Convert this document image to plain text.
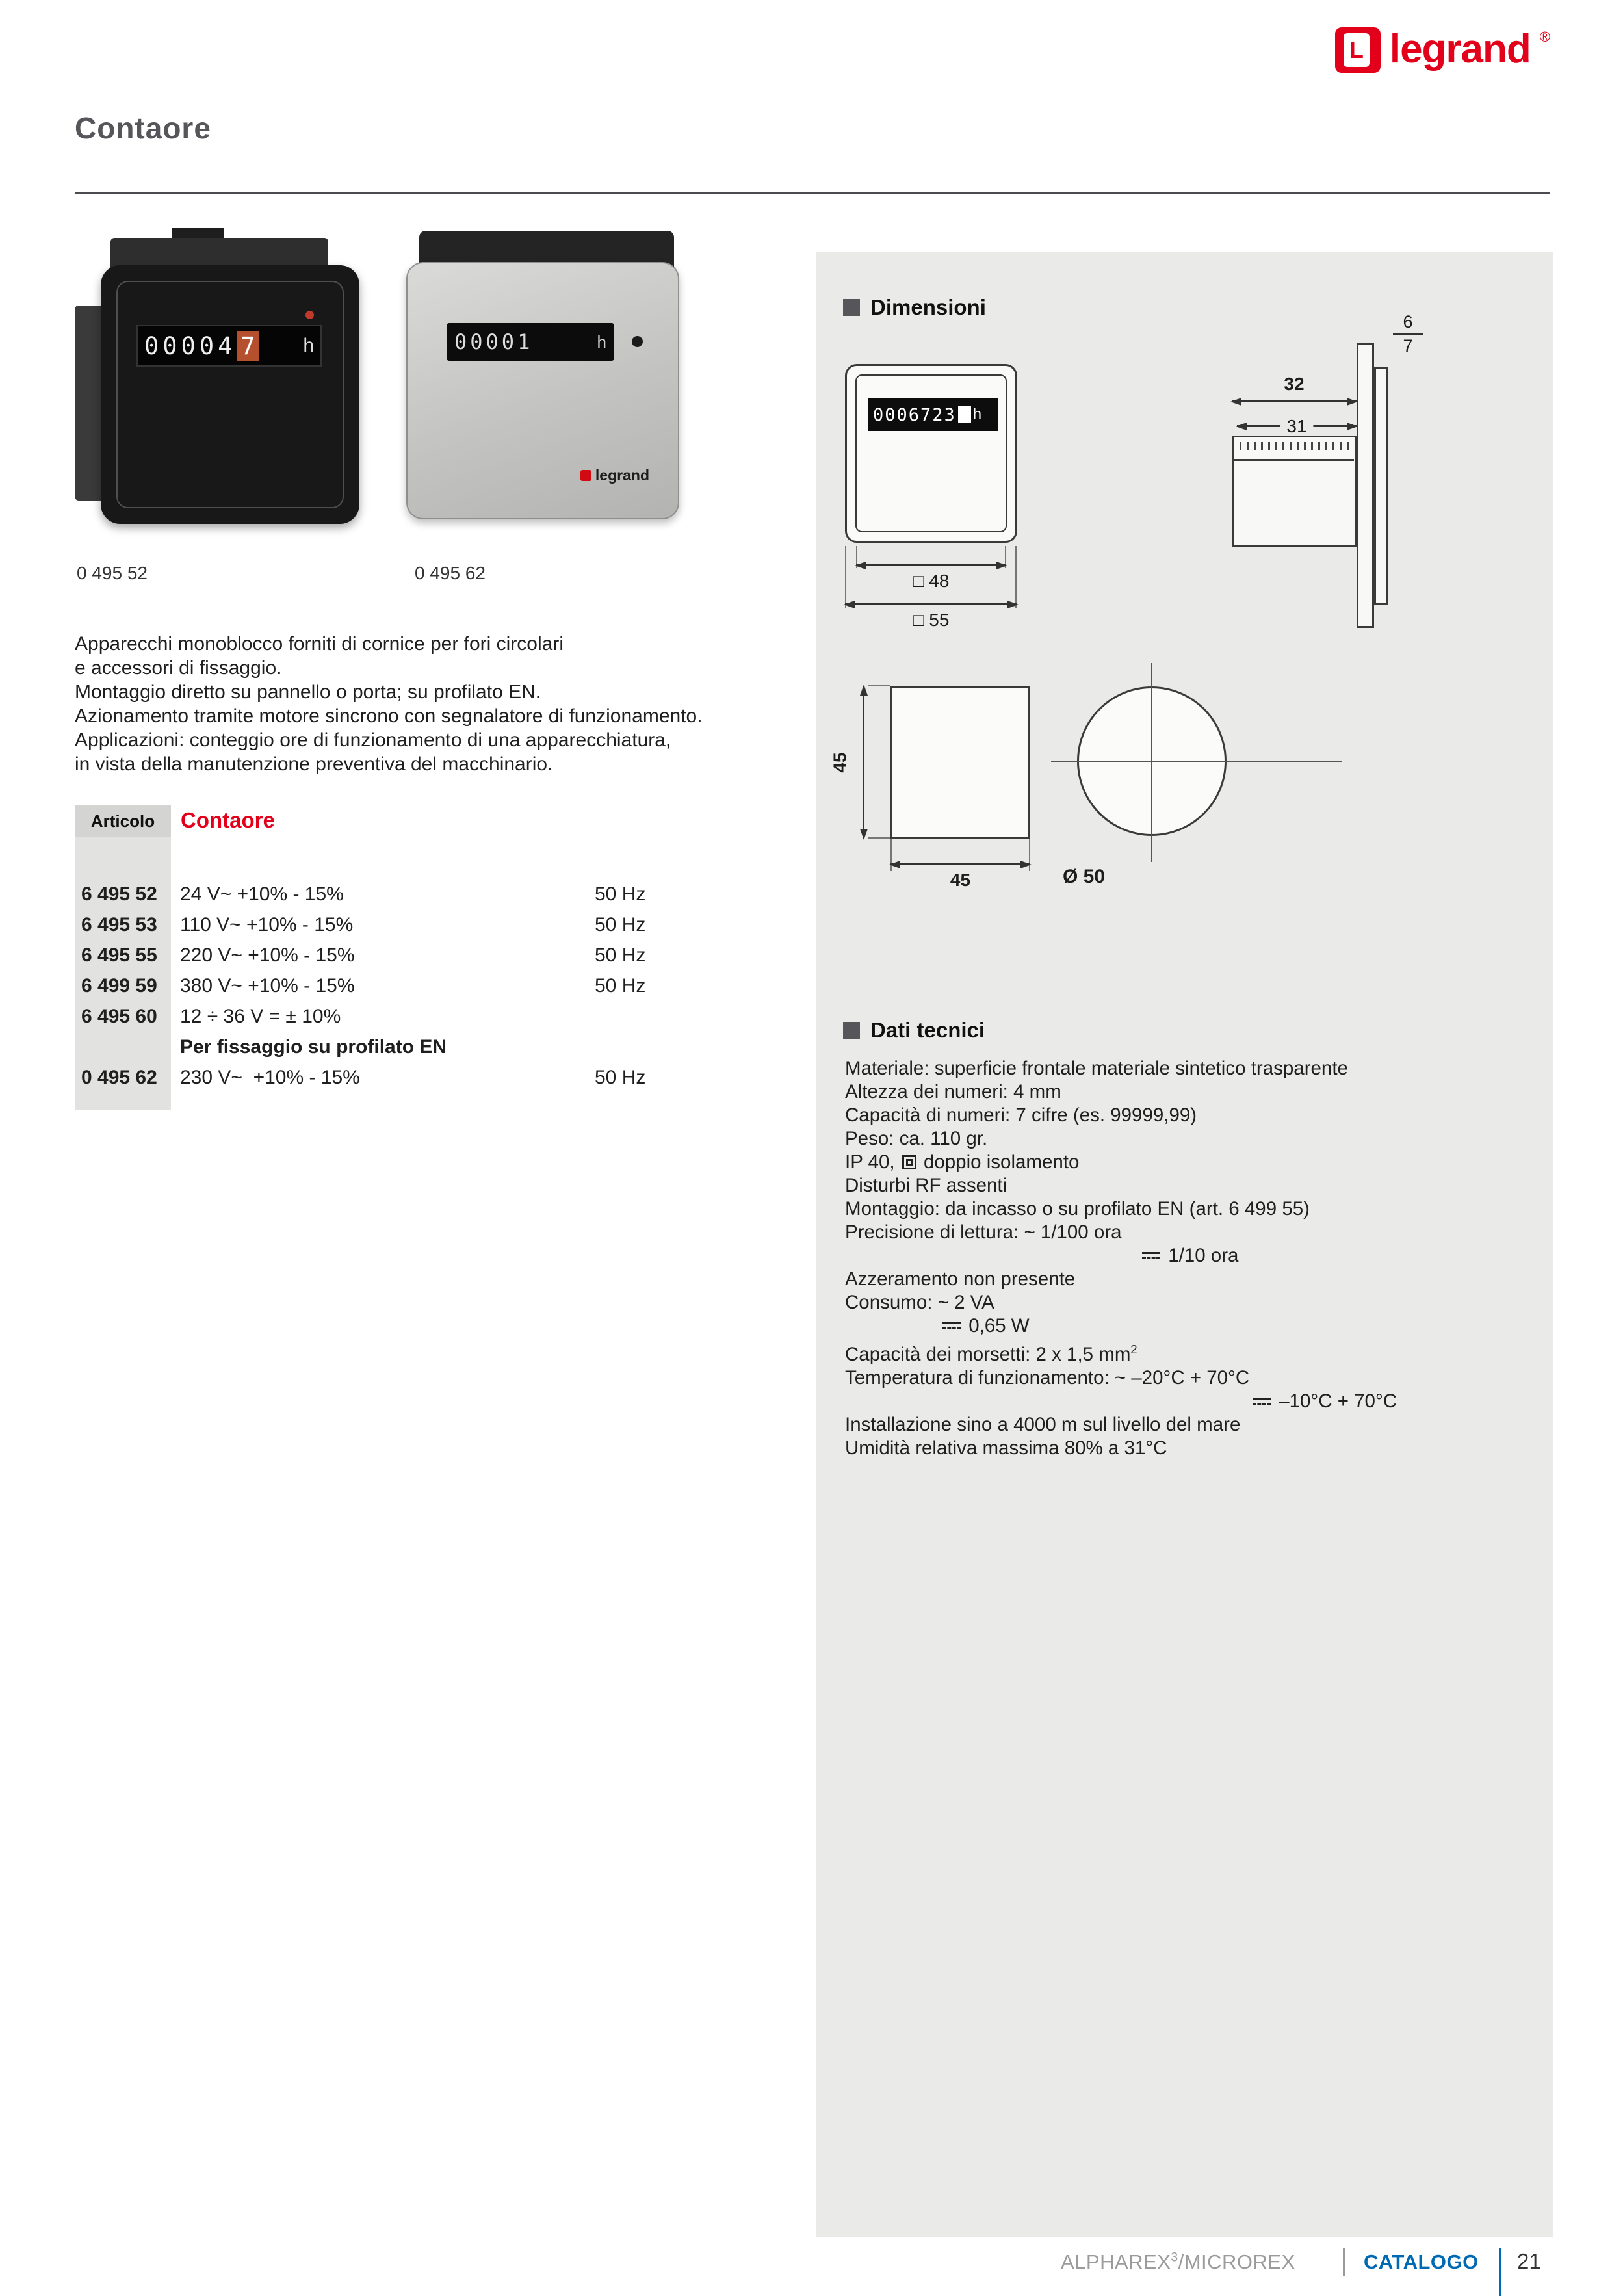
L legrand ®
Contaore
00004 7 h	00001	h
legrand
0 495 52	0 495 62
Apparecchi monoblocco forniti di cornice per fori circolari
e accessori di fissaggio.
Montaggio diretto su pannello o porta; su profilato EN.
Azionamento tramite motore sincrono con segnalatore di funzionamento.
Applicazioni: conteggio ore di funzionamento di una apparecchiatura,
in vista della manutenzione preventiva del macchinario.
Articolo	Contaore
6 495 52	24 V~ +10% - 15%	50 Hz
6 495 53	110 V~ +10% - 15%	50 Hz
6 495 55	220 V~ +10% - 15%	50 Hz
6 499 59	380 V~ +10% - 15%	50 Hz
6 495 60	12 ÷ 36 V = ± 10%
Per fissaggio su profilato EN
0 495 62	230 V~  +10% - 15%	50 Hz
Dimensioni
0006723 h
□ 48
□ 55
32
31
6
7
45
45	Ø 50
Dati tecnici
Materiale: superficie frontale materiale sintetico trasparente
Altezza dei numeri: 4 mm
Capacità di numeri: 7 cifre (es. 99999,99)
Peso: ca. 110 gr.
IP 40,  doppio isolamento
Disturbi RF assenti
Montaggio: da incasso o su profilato EN (art. 6 499 55)
Precisione di lettura: ~ 1/100 ora
1/10 ora
Azzeramento non presente
Consumo: ~ 2 VA
0,65 W
Capacità dei morsetti: 2 x 1,5 $mm^2$
Temperatura di funzionamento: ~ –20°C + 70°C
–10°C + 70°C
Installazione sino a 4000 m sul livello del mare
Umidità relativa massima 80% a 31°C
ALPHAREX$^3$/MICROREX	CATALOGO 21
